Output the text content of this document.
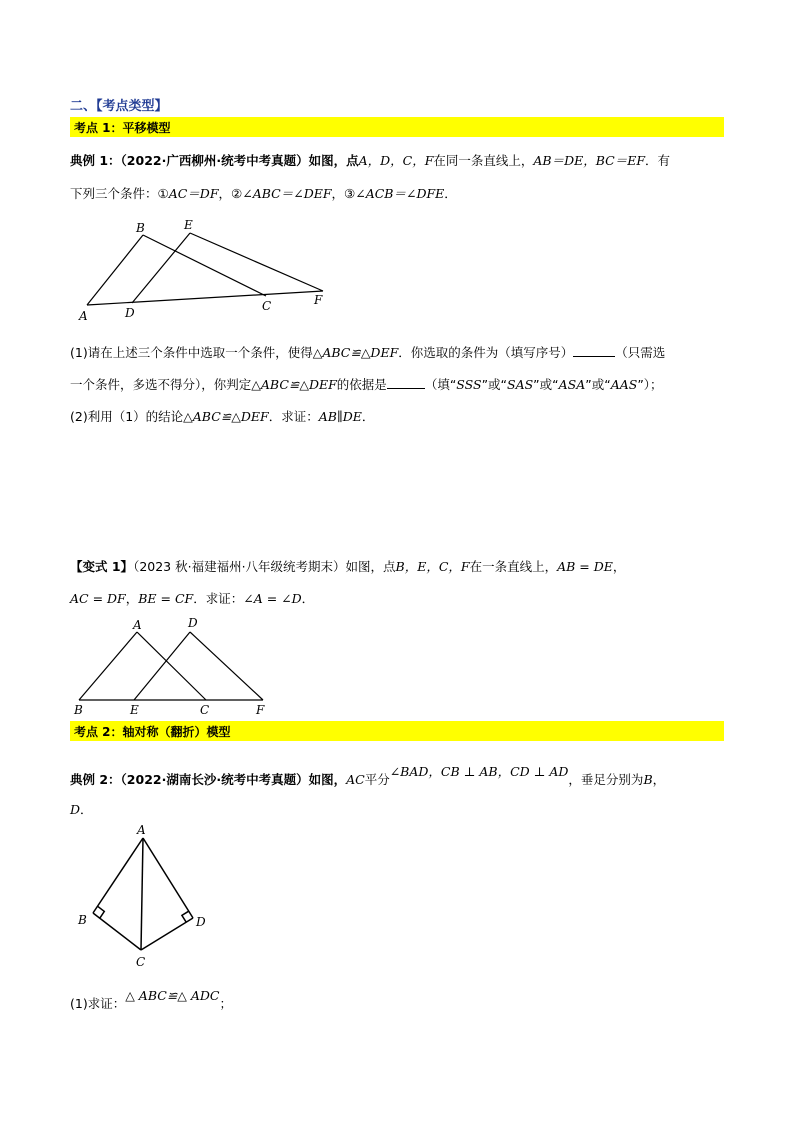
二、【考点类型】
考点 1：平移模型
典例 1：（2022·广西柳州·统考中考真题）如图，点A，D，C，F在同一条直线上，AB＝DE，BC＝EF．有
下列三个条件：①AC＝DF，②∠ABC＝∠DEF，③∠ACB＝∠DFE．
B	E
C	F
A	D
(1)请在上述三个条件中选取一个条件，使得△ABC≌△DEF．你选取的条件为（填写序号）	（只需选
一个条件，多选不得分），你判定△ABC≌△DEF的依据是	（填“SSS”或“SAS”或“ASA”或“AAS”）；
(2)利用（1）的结论△ABC≌△DEF．求证：AB∥DE．
【变式 1】（2023 秋·福建福州·八年级统考期末）如图，点B，E，C，F在一条直线上，AB = DE，
AC = DF，BE = CF．求证：∠A = ∠D．
A	D
B	E	C	F
考点 2：轴对称（翻折）模型
典例 2：（2022·湖南长沙·统考中考真题）如图，AC平分∠BAD，CB ⊥ AB，CD ⊥ AD，垂足分别为B，
D．
A
B	D
C
(1)求证：△ ABC≌△ ADC；
